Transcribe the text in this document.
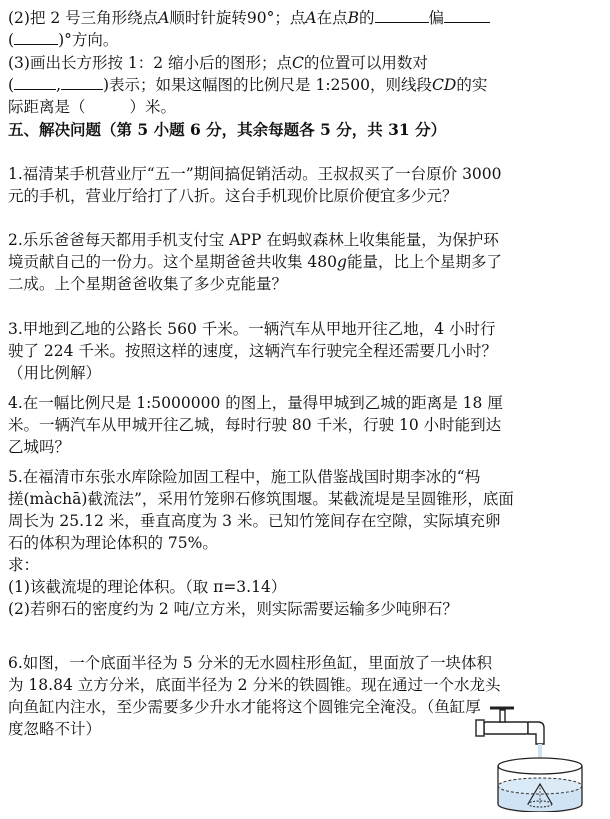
(2)把 2 号三角形绕点A顺时针旋转90°；点A在点B的	偏

(	)°方向。

(3)画出长方形按 1：2 缩小后的图形；点C的位置可以用数对

(	,	)表示；如果这幅图的比例尺是 1:2500，则线段CD的实

际距离是（	）米。

五、解决问题（第 5 小题 6 分，其余每题各 5 分，共 31 分）

1.福清某手机营业厅“五一”期间搞促销活动。王叔叔买了一台原价 3000

元的手机，营业厅给打了八折。这台手机现价比原价便宜多少元？

2.乐乐爸爸每天都用手机支付宝 APP 在蚂蚁森林上收集能量，为保护环

境贡献自己的一份力。这个星期爸爸共收集 480g能量，比上个星期多了

二成。上个星期爸爸收集了多少克能量？

3.甲地到乙地的公路长 560 千米。一辆汽车从甲地开往乙地，4 小时行

驶了 224 千米。按照这样的速度，这辆汽车行驶完全程还需要几小时？

（用比例解）

4.在一幅比例尺是 1:5000000 的图上，量得甲城到乙城的距离是 18 厘

米。一辆汽车从甲城开往乙城，每时行驶 80 千米，行驶 10 小时能到达

乙城吗？

5.在福清市东张水库除险加固工程中，施工队借鉴战国时期李冰的“杩

搓(màchā)截流法”，采用竹笼卵石修筑围堰。某截流堤是呈圆锥形，底面

周长为 25.12 米，垂直高度为 3 米。已知竹笼间存在空隙，实际填充卵

石的体积为理论体积的 75%。

求：

(1)该截流堤的理论体积。（取 π=3.14）

(2)若卵石的密度约为 2 吨/立方米，则实际需要运输多少吨卵石？

6.如图，一个底面半径为 5 分米的无水圆柱形鱼缸，里面放了一块体积

为 18.84 立方分米，底面半径为 2 分米的铁圆锥。现在通过一个水龙头

向鱼缸内注水，至少需要多少升水才能将这个圆锥完全淹没。（鱼缸厚

度忽略不计）
